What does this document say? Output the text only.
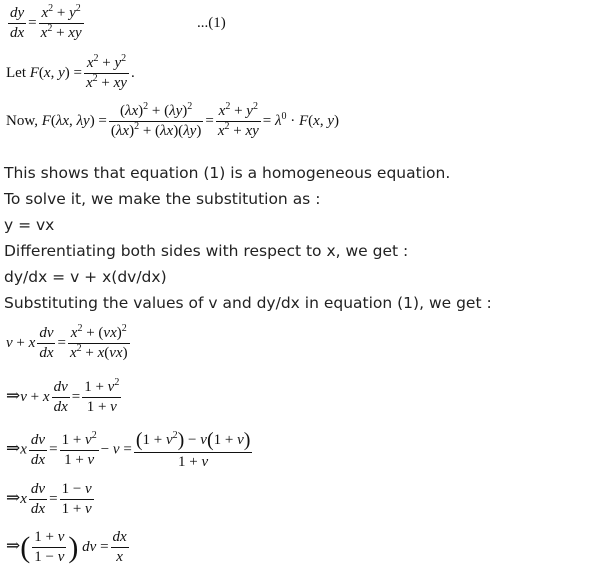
$\frac{dy}{dx} = \frac{x^2 + y^2}{x^2 + xy}$	...(1)
Let F(x, $y) = \frac{x^2 + y^2}{x^2 + xy}$ .
Now, F(λx, $\lambda y) = \frac{(\lambda x)^2 + (\lambda y)^2}{(\lambda x)^2 + (\lambda x)(\lambda y)} = \frac{x^2 + y^2}{x^2 + xy} = \lambda^0 \cdot F(x$, y)
This shows that equation (1) is a homogeneous equation.
To solve it, we make the substitution as :
y = vx
Differentiating both sides with respect to x, we get :
dy/dx = v + x(dv/dx)
Substituting the values of v and dy/dx in equation (1), we get :
v + x $\frac{dv}{dx} = \frac{x^2 + (vx)^2}{x^2 + x(vx)}$
⇒v + x $\frac{dv}{dx} = \frac{1 + v^2}{1 + v}$
⇒x $\frac{dv}{dx} = \frac{1 + v^2}{1 + v} - v = \frac{(1 + v^2) - v(1 + v)}{1 + v}$
⇒x $\frac{dv}{dx} = \frac{1 - v}{1 + v}$
⇒( $\frac{1 + v}{1 - v}$ ) dv = $\frac{dx}{x}$
